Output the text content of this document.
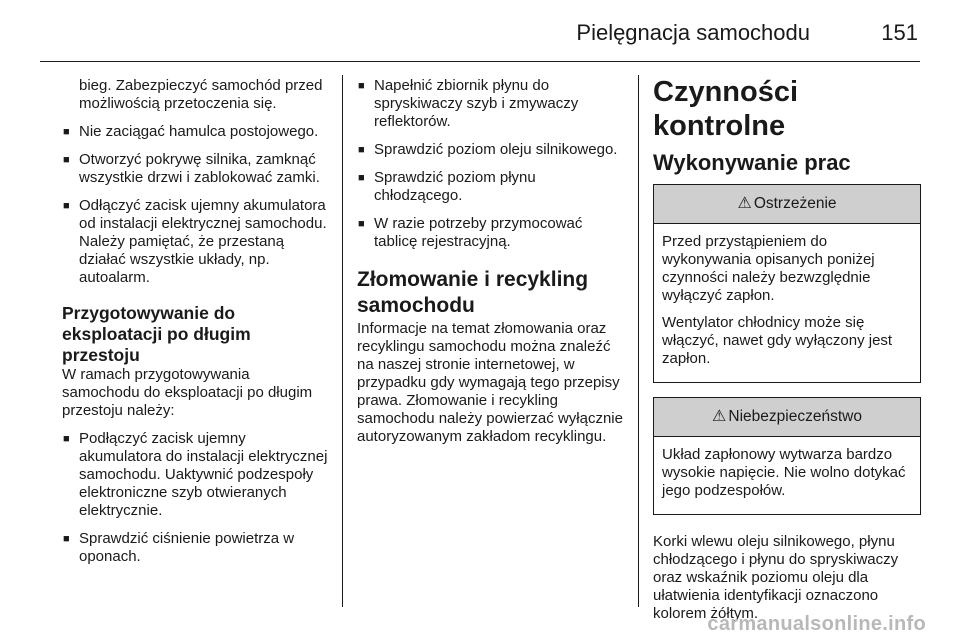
Pielęgnacja samochodu	151
bieg. Zabezpieczyć samochód przed możliwością przetoczenia się.
■ Nie zaciągać hamulca postojowego.
■ Otworzyć pokrywę silnika, zamknąć wszystkie drzwi i zablokować zamki.
■ Odłączyć zacisk ujemny akumulatora od instalacji elektrycznej samochodu. Należy pamiętać, że przestaną działać wszystkie układy, np. autoalarm.
Przygotowywanie do eksploatacji po długim przestoju

W ramach przygotowywania samochodu do eksploatacji po długim przestoju należy:

■ Podłączyć zacisk ujemny akumulatora do instalacji elektrycznej samochodu. Uaktywnić podzespoły elektroniczne szyb otwieranych elektrycznie.
■ Sprawdzić ciśnienie powietrza w oponach.
■ Napełnić zbiornik płynu do spryskiwaczy szyb i zmywaczy reflektorów.
■ Sprawdzić poziom oleju silnikowego.
■ Sprawdzić poziom płynu chłodzącego.
■ W razie potrzeby przymocować tablicę rejestracyjną.
Złomowanie i recykling samochodu

Informacje na temat złomowania oraz recyklingu samochodu można znaleźć na naszej stronie internetowej, w przypadku gdy wymagają tego przepisy prawa. Złomowanie i recykling samochodu należy powierzać wyłącznie autoryzowanym zakładom recyklingu.

Czynności kontrolne
Wykonywanie prac
⚠ Ostrzeżenie

Przed przystąpieniem do wykonywania opisanych poniżej czynności należy bezwzględnie wyłączyć zapłon.

Wentylator chłodnicy może się włączyć, nawet gdy wyłączony jest zapłon.

⚠ Niebezpieczeństwo

Układ zapłonowy wytwarza bardzo wysokie napięcie. Nie wolno dotykać jego podzespołów.

Korki wlewu oleju silnikowego, płynu chłodzącego i płynu do spryskiwaczy oraz wskaźnik poziomu oleju dla ułatwienia identyfikacji oznaczono kolorem żółtym.

carmanualsonline.info
